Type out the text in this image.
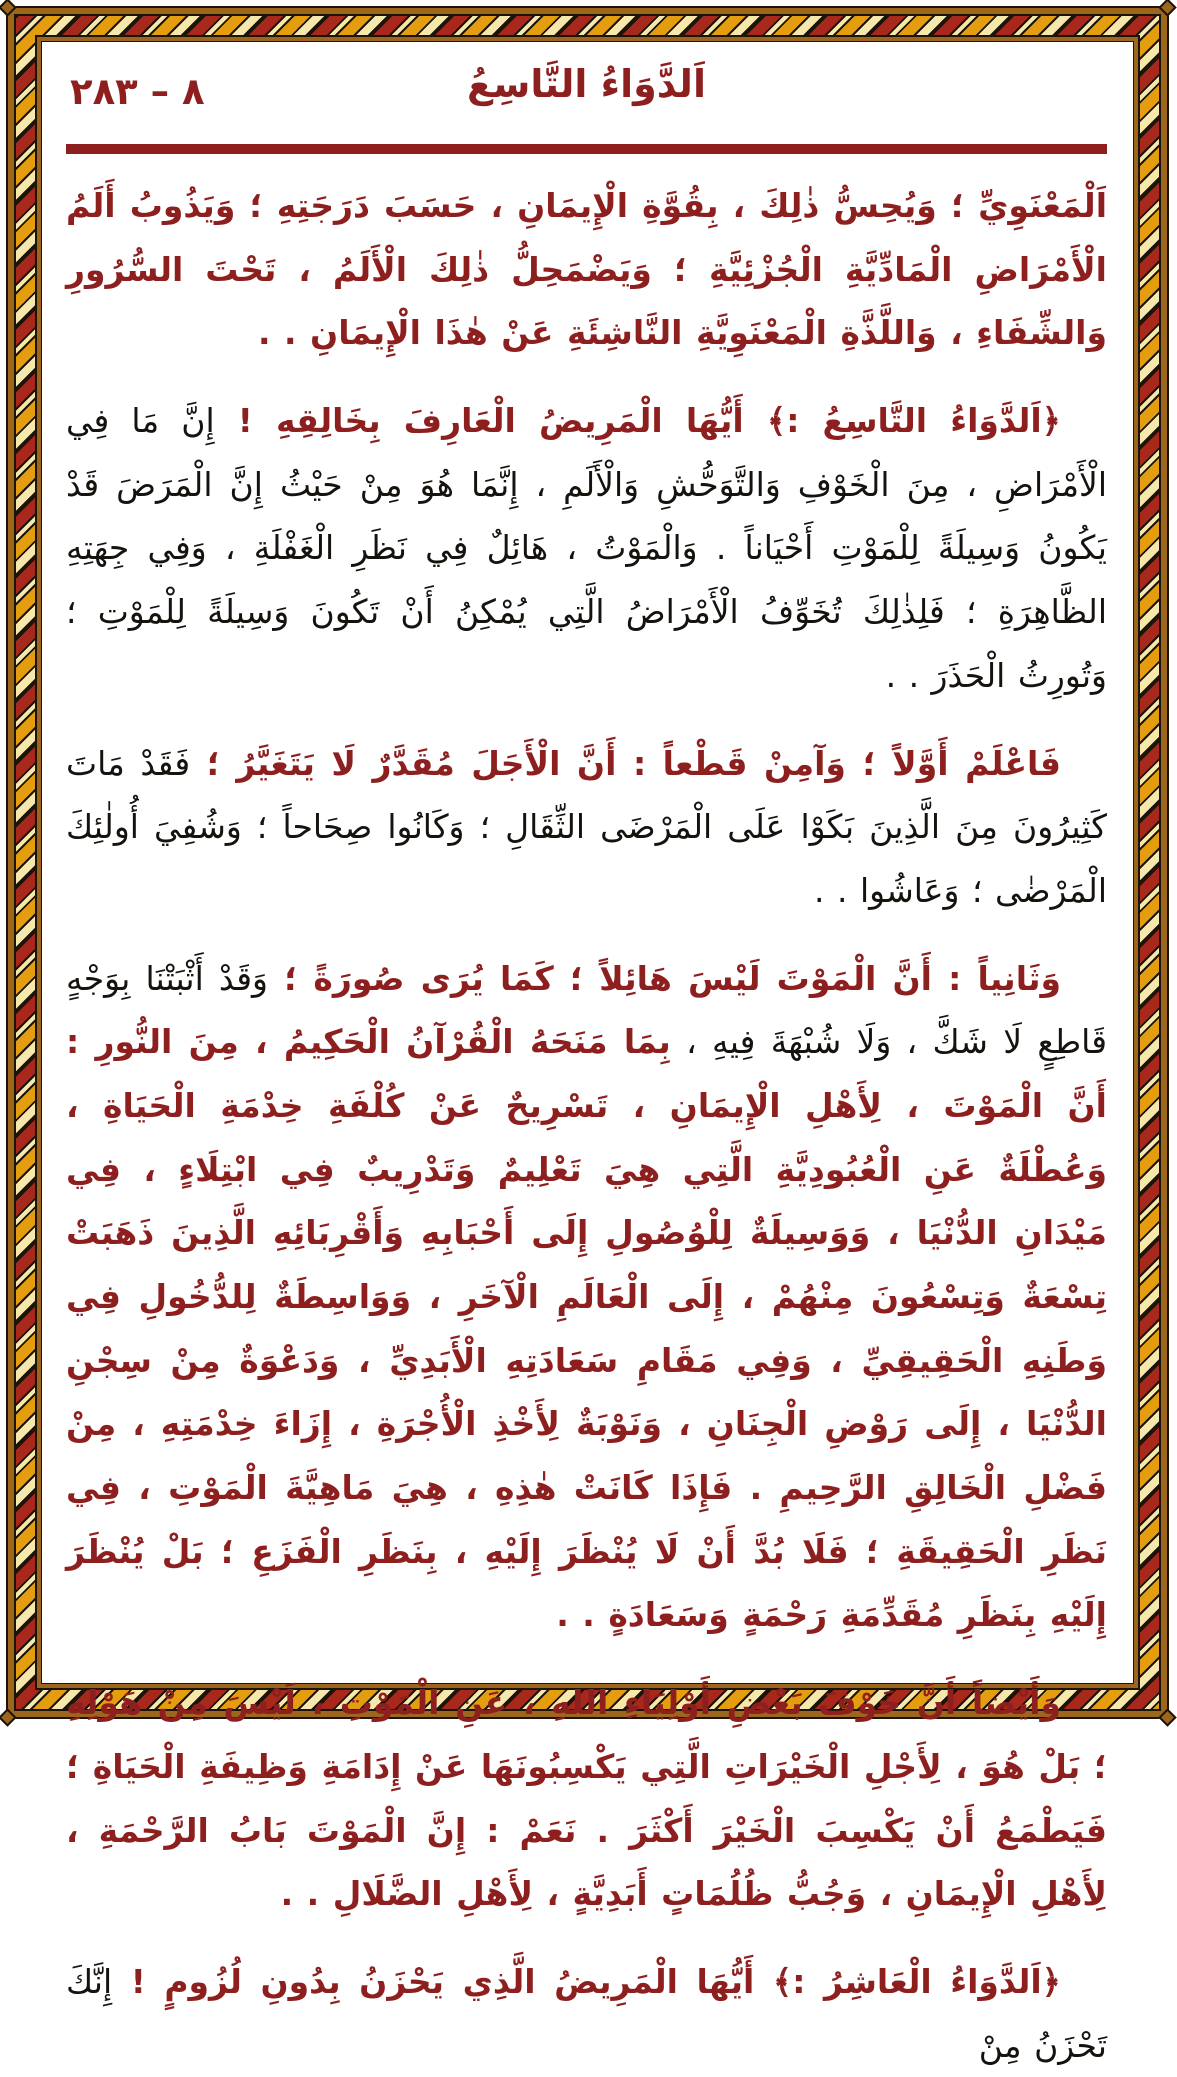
٨ – ٢٨٣	اَلدَّوَاءُ التَّاسِعُ

اَلْمَعْنَوِيِّ ؛ وَيُحِسُّ ذٰلِكَ ، بِقُوَّةِ الْإِيمَانِ ، حَسَبَ دَرَجَتِهِ ؛ وَيَذُوبُ أَلَمُ الْأَمْرَاضِ الْمَادِّيَّةِ الْجُزْئِيَّةِ ؛ وَيَضْمَحِلُّ ذٰلِكَ الْأَلَمُ ، تَحْتَ السُّرُورِ وَالشِّفَاءِ ، وَاللَّذَّةِ الْمَعْنَوِيَّةِ النَّاشِئَةِ عَنْ هٰذَا الْإِيمَانِ . .

﴿اَلدَّوَاءُ التَّاسِعُ :﴾ أَيُّهَا الْمَرِيضُ الْعَارِفَ بِخَالِقِهِ ! إِنَّ مَا فِي الْأَمْرَاضِ ، مِنَ الْخَوْفِ وَالتَّوَحُّشِ وَالْأَلَمِ ، إِنَّمَا هُوَ مِنْ حَيْثُ إِنَّ الْمَرَضَ قَدْ يَكُونُ وَسِيلَةً لِلْمَوْتِ أَحْيَاناً . وَالْمَوْتُ ، هَائِلٌ فِي نَظَرِ الْغَفْلَةِ ، وَفِي جِهَتِهِ الظَّاهِرَةِ ؛ فَلِذٰلِكَ تُخَوِّفُ الْأَمْرَاضُ الَّتِي يُمْكِنُ أَنْ تَكُونَ وَسِيلَةً لِلْمَوْتِ ؛ وَتُورِثُ الْحَذَرَ . .

فَاعْلَمْ أَوَّلاً ؛ وَآمِنْ قَطْعاً : أَنَّ الْأَجَلَ مُقَدَّرٌ لَا يَتَغَيَّرُ ؛ فَقَدْ مَاتَ كَثِيرُونَ مِنَ الَّذِينَ بَكَوْا عَلَى الْمَرْضَى الثِّقَالِ ؛ وَكَانُوا صِحَاحاً ؛ وَشُفِيَ أُولٰئِكَ الْمَرْضٰى ؛ وَعَاشُوا . .

وَثَانِياً : أَنَّ الْمَوْتَ لَيْسَ هَائِلاً ؛ كَمَا يُرَى صُورَةً ؛ وَقَدْ أَثْبَتْنَا بِوَجْهٍ قَاطِعٍ لَا شَكَّ ، وَلَا شُبْهَةَ فِيهِ ، بِمَا مَنَحَهُ الْقُرْآنُ الْحَكِيمُ ، مِنَ النُّورِ : أَنَّ الْمَوْتَ ، لِأَهْلِ الْإِيمَانِ ، تَسْرِيحٌ عَنْ كُلْفَةِ خِدْمَةِ الْحَيَاةِ ، وَعُطْلَةٌ عَنِ الْعُبُودِيَّةِ الَّتِي هِيَ تَعْلِيمٌ وَتَدْرِيبٌ فِي ابْتِلَاءٍ ، فِي مَيْدَانِ الدُّنْيَا ، وَوَسِيلَةٌ لِلْوُصُولِ إِلَى أَحْبَابِهِ وَأَقْرِبَائِهِ الَّذِينَ ذَهَبَتْ تِسْعَةٌ وَتِسْعُونَ مِنْهُمْ ، إِلَى الْعَالَمِ الْآخَرِ ، وَوَاسِطَةٌ لِلدُّخُولِ فِي وَطَنِهِ الْحَقِيقِيِّ ، وَفِي مَقَامِ سَعَادَتِهِ الْأَبَدِيِّ ، وَدَعْوَةٌ مِنْ سِجْنِ الدُّنْيَا ، إِلَى رَوْضِ الْجِنَانِ ، وَنَوْبَةٌ لِأَخْذِ الْأُجْرَةِ ، إِزَاءَ خِدْمَتِهِ ، مِنْ فَضْلِ الْخَالِقِ الرَّحِيمِ . فَإِذَا كَانَتْ هٰذِهِ ، هِيَ مَاهِيَّةَ الْمَوْتِ ، فِي نَظَرِ الْحَقِيقَةِ ؛ فَلَا بُدَّ أَنْ لَا يُنْظَرَ إِلَيْهِ ، بِنَظَرِ الْفَزَعِ ؛ بَلْ يُنْظَرَ إِلَيْهِ بِنَظَرِ مُقَدِّمَةِ رَحْمَةٍ وَسَعَادَةٍ . .

وَأَيْضاً أَنَّ خَوْفَ بَعْضِ أَوْلِيَاءِ اللهِ ، عَنِ الْمَوْتِ ، لَيْسَ مِنْ هَوْلِهِ ؛ بَلْ هُوَ ، لِأَجْلِ الْخَيْرَاتِ الَّتِي يَكْسِبُونَهَا عَنْ إِدَامَةِ وَظِيفَةِ الْحَيَاةِ ؛ فَيَطْمَعُ أَنْ يَكْسِبَ الْخَيْرَ أَكْثَرَ . نَعَمْ : إِنَّ الْمَوْتَ بَابُ الرَّحْمَةِ ، لِأَهْلِ الْإِيمَانِ ، وَجُبُّ ظُلُمَاتٍ أَبَدِيَّةٍ ، لِأَهْلِ الضَّلَالِ . .

﴿اَلدَّوَاءُ الْعَاشِرُ :﴾ أَيُّهَا الْمَرِيضُ الَّذِي يَحْزَنُ بِدُونِ لُزُومٍ ! إِنَّكَ تَحْزَنُ مِنْ
